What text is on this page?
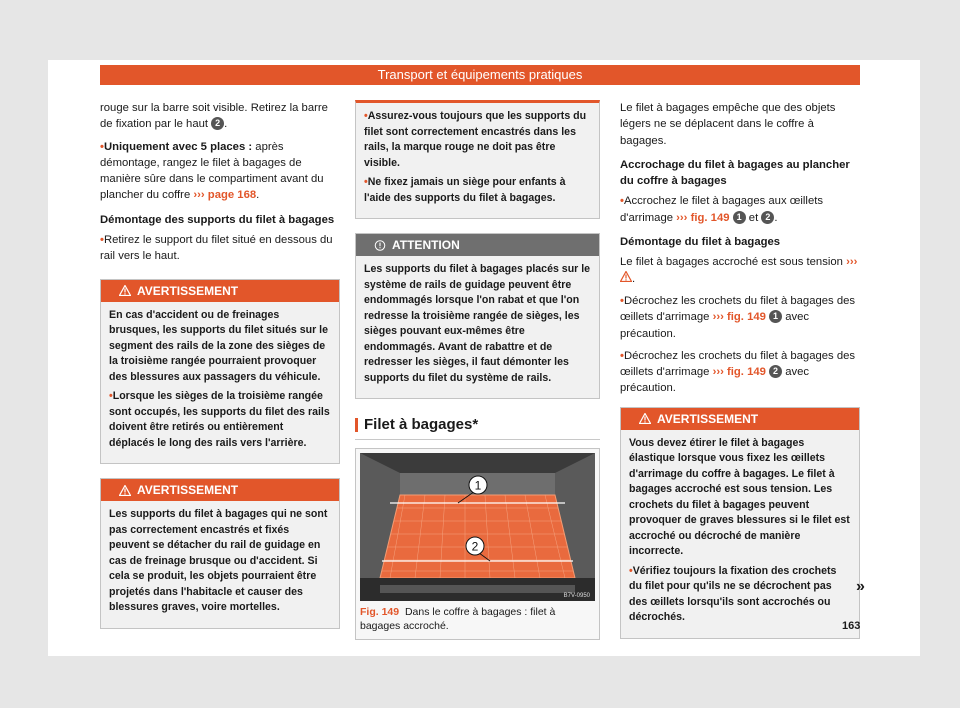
Transport et équipements pratiques

rouge sur la barre soit visible. Retirez la barre de fixation par le haut 2 .

• Uniquement avec 5 places : après démontage, rangez le filet à bagages de manière sûre dans le compartiment avant du plancher du coffre ››› page 168.

Démontage des supports du filet à bagages

• Retirez le support du filet situé en dessous du rail vers le haut.

AVERTISSEMENT

En cas d'accident ou de freinages brusques, les supports du filet situés sur le segment des rails de la zone des sièges de la troisième rangée pourraient provoquer des blessures aux passagers du véhicule.

• Lorsque les sièges de la troisième rangée sont occupés, les supports du filet des rails doivent être retirés ou entièrement déplacés le long des rails vers l'arrière.

AVERTISSEMENT

Les supports du filet à bagages qui ne sont pas correctement encastrés et fixés peuvent se détacher du rail de guidage en cas de freinage brusque ou d'accident. Si cela se produit, les objets pourraient être projetés dans l'habitacle et causer des blessures graves, voire mortelles.

• Assurez-vous toujours que les supports du filet sont correctement encastrés dans les rails, la marque rouge ne doit pas être visible.

• Ne fixez jamais un siège pour enfants à l'aide des supports du filet à bagages.

ATTENTION

Les supports du filet à bagages placés sur le système de rails de guidage peuvent être endommagés lorsque l'on rabat et que l'on redresse la troisième rangée de sièges, les sièges pouvant eux-mêmes être endommagés. Avant de rabattre et de redresser les sièges, il faut démonter les supports du filet du système de rails.

Filet à bagages*
1
2
B7V-0950
Fig. 149 Dans le coffre à bagages : filet à bagages accroché.

Le filet à bagages empêche que des objets légers ne se déplacent dans le coffre à bagages.

Accrochage du filet à bagages au plancher du coffre à bagages

• Accrochez le filet à bagages aux œillets d'arrimage ››› fig. 149 1 et 2 .

Démontage du filet à bagages

Le filet à bagages accroché est sous tension ››› .

• Décrochez les crochets du filet à bagages des œillets d'arrimage ››› fig. 149 1 avec précaution.

• Décrochez les crochets du filet à bagages des œillets d'arrimage ››› fig. 149 2 avec précaution.

AVERTISSEMENT

Vous devez étirer le filet à bagages élastique lorsque vous fixez les œillets d'arrimage du coffre à bagages. Le filet à bagages accroché est sous tension. Les crochets du filet à bagages peuvent provoquer de graves blessures si le filet est accroché ou décroché de manière incorrecte.

• Vérifiez toujours la fixation des crochets du filet pour qu'ils ne se décrochent pas des œillets lorsqu'ils sont accrochés ou décrochés.

»
163
